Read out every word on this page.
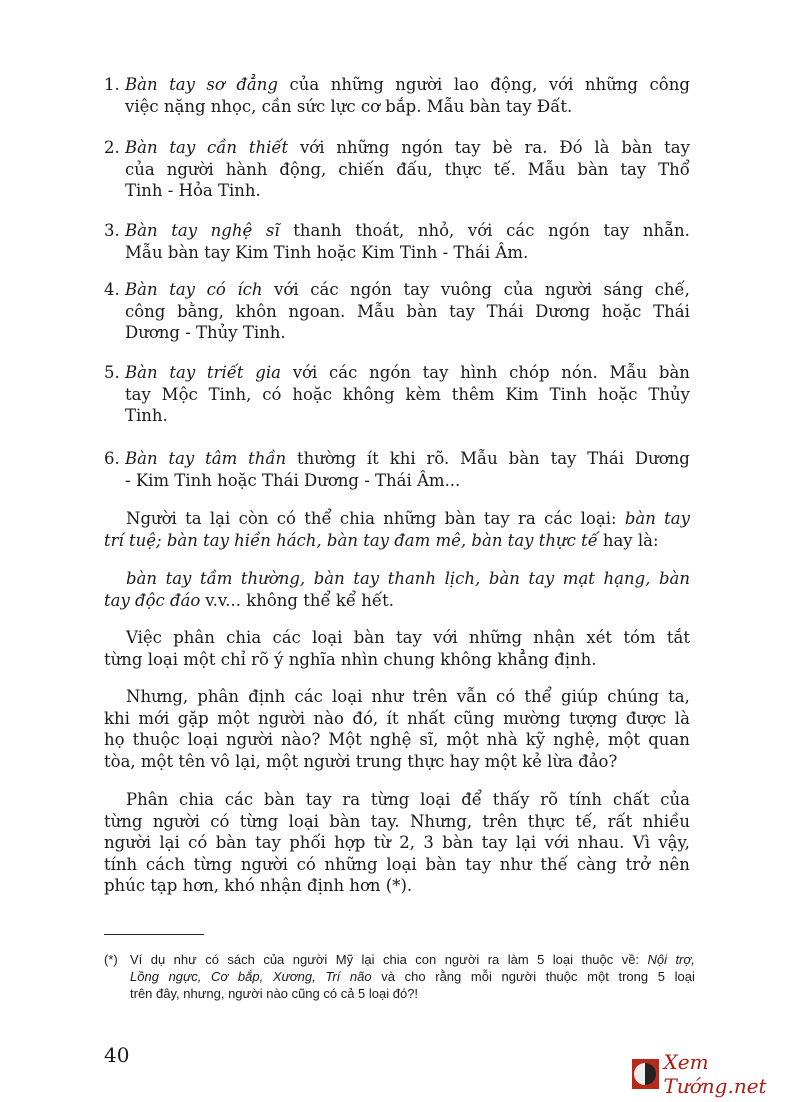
1. Bàn tay sơ đẳng của những người lao động, với những công
việc nặng nhọc, cần sức lực cơ bắp. Mẫu bàn tay Đất.
2. Bàn tay cần thiết với những ngón tay bè ra. Đó là bàn tay
của người hành động, chiến đấu, thực tế. Mẫu bàn tay Thổ
Tinh - Hỏa Tinh.
3. Bàn tay nghệ sĩ thanh thoát, nhỏ, với các ngón tay nhẵn.
Mẫu bàn tay Kim Tinh hoặc Kim Tinh - Thái Âm.
4. Bàn tay có ích với các ngón tay vuông của người sáng chế,
công bằng, khôn ngoan. Mẫu bàn tay Thái Dương hoặc Thái
Dương - Thủy Tinh.
5. Bàn tay triết gia với các ngón tay hình chóp nón. Mẫu bàn
tay Mộc Tinh, có hoặc không kèm thêm Kim Tinh hoặc Thủy
Tinh.
6. Bàn tay tâm thần thường ít khi rõ. Mẫu bàn tay Thái Dương
- Kim Tinh hoặc Thái Dương - Thái Âm...
Người ta lại còn có thể chia những bàn tay ra các loại: bàn tay
trí tuệ; bàn tay hiền hách, bàn tay đam mê, bàn tay thực tế hay là:
bàn tay tầm thường, bàn tay thanh lịch, bàn tay mạt hạng, bàn
tay độc đáo v.v... không thể kể hết.
Việc phân chia các loại bàn tay với những nhận xét tóm tắt
từng loại một chỉ rõ ý nghĩa nhìn chung không khẳng định.
Nhưng, phân định các loại như trên vẫn có thể giúp chúng ta,
khi mới gặp một người nào đó, ít nhất cũng mường tượng được là
họ thuộc loại người nào? Một nghệ sĩ, một nhà kỹ nghệ, một quan
tòa, một tên vô lại, một người trung thực hay một kẻ lừa đảo?
Phân chia các bàn tay ra từng loại để thấy rõ tính chất của
từng người có từng loại bàn tay. Nhưng, trên thực tế, rất nhiều
người lại có bàn tay phối hợp từ 2, 3 bàn tay lại với nhau. Vì vậy,
tính cách từng người có những loại bàn tay như thế càng trở nên
phúc tạp hơn, khó nhận định hơn (*).
(*) Ví dụ như có sách của người Mỹ lại chia con người ra làm 5 loại thuộc về: Nội trợ,
Lồng ngực, Cơ bắp, Xương, Trí não và cho rằng mỗi người thuộc một trong 5 loại
trên đây, nhưng, người nào cũng có cả 5 loại đó?!
40	Xem Tướng.net
